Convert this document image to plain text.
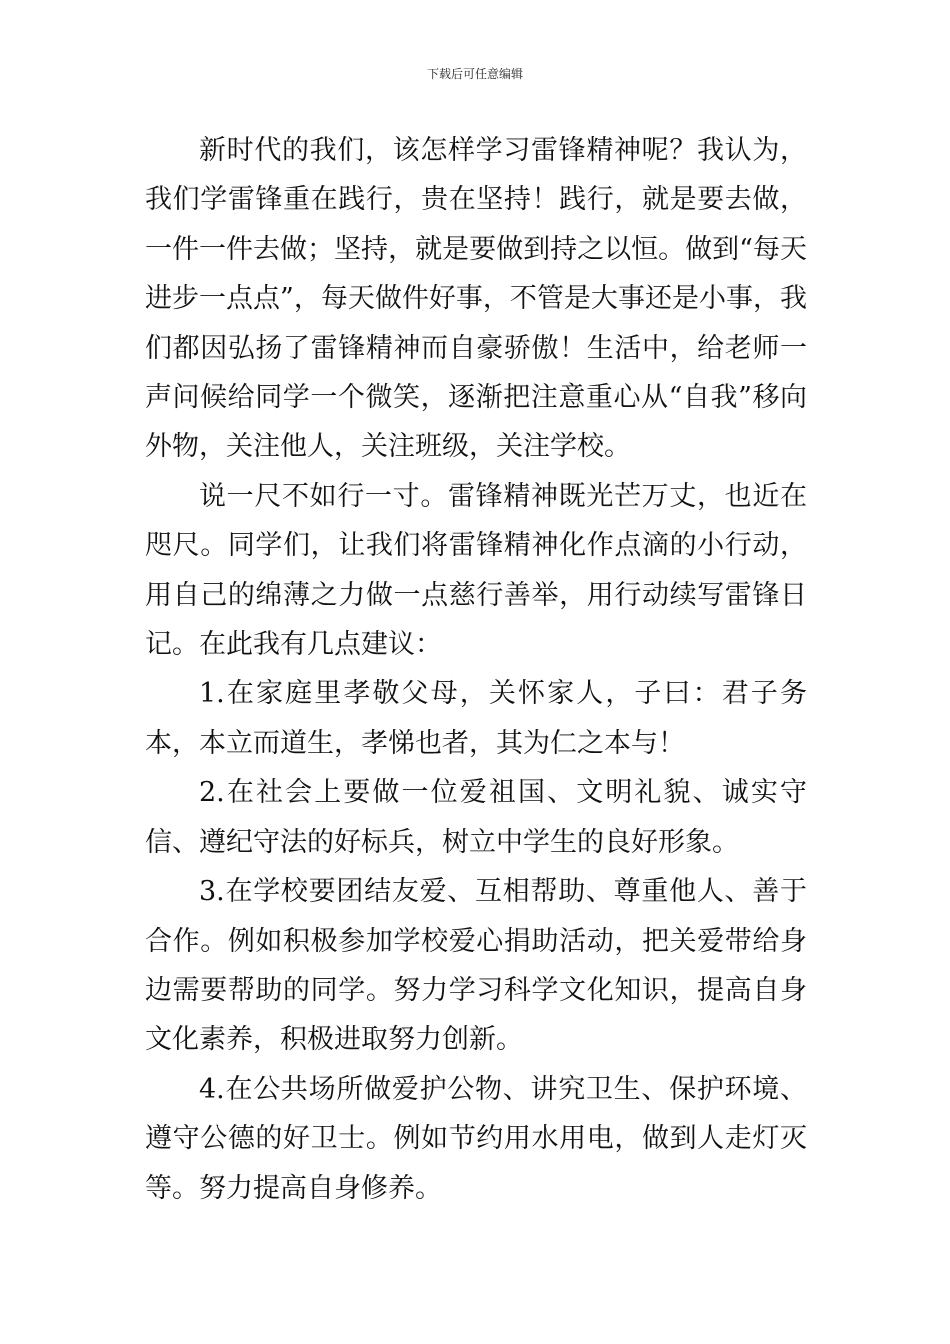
下载后可任意编辑

新时代的我们，该怎样学习雷锋精神呢？我认为，我们学雷锋重在践行，贵在坚持！践行，就是要去做，一件一件去做；坚持，就是要做到持之以恒。做到“每天进步一点点”，每天做件好事，不管是大事还是小事，我们都因弘扬了雷锋精神而自豪骄傲！生活中，给老师一声问候给同学一个微笑，逐渐把注意重心从“自我”移向外物，关注他人，关注班级，关注学校。

说一尺不如行一寸。雷锋精神既光芒万丈，也近在咫尺。同学们，让我们将雷锋精神化作点滴的小行动，用自己的绵薄之力做一点慈行善举，用行动续写雷锋日记。在此我有几点建议：

1.在家庭里孝敬父母，关怀家人，子曰：君子务本，本立而道生，孝悌也者，其为仁之本与！

2.在社会上要做一位爱祖国、文明礼貌、诚实守信、遵纪守法的好标兵，树立中学生的良好形象。

3.在学校要团结友爱、互相帮助、尊重他人、善于合作。例如积极参加学校爱心捐助活动，把关爱带给身边需要帮助的同学。努力学习科学文化知识，提高自身文化素养，积极进取努力创新。

4.在公共场所做爱护公物、讲究卫生、保护环境、遵守公德的好卫士。例如节约用水用电，做到人走灯灭等。努力提高自身修养。
